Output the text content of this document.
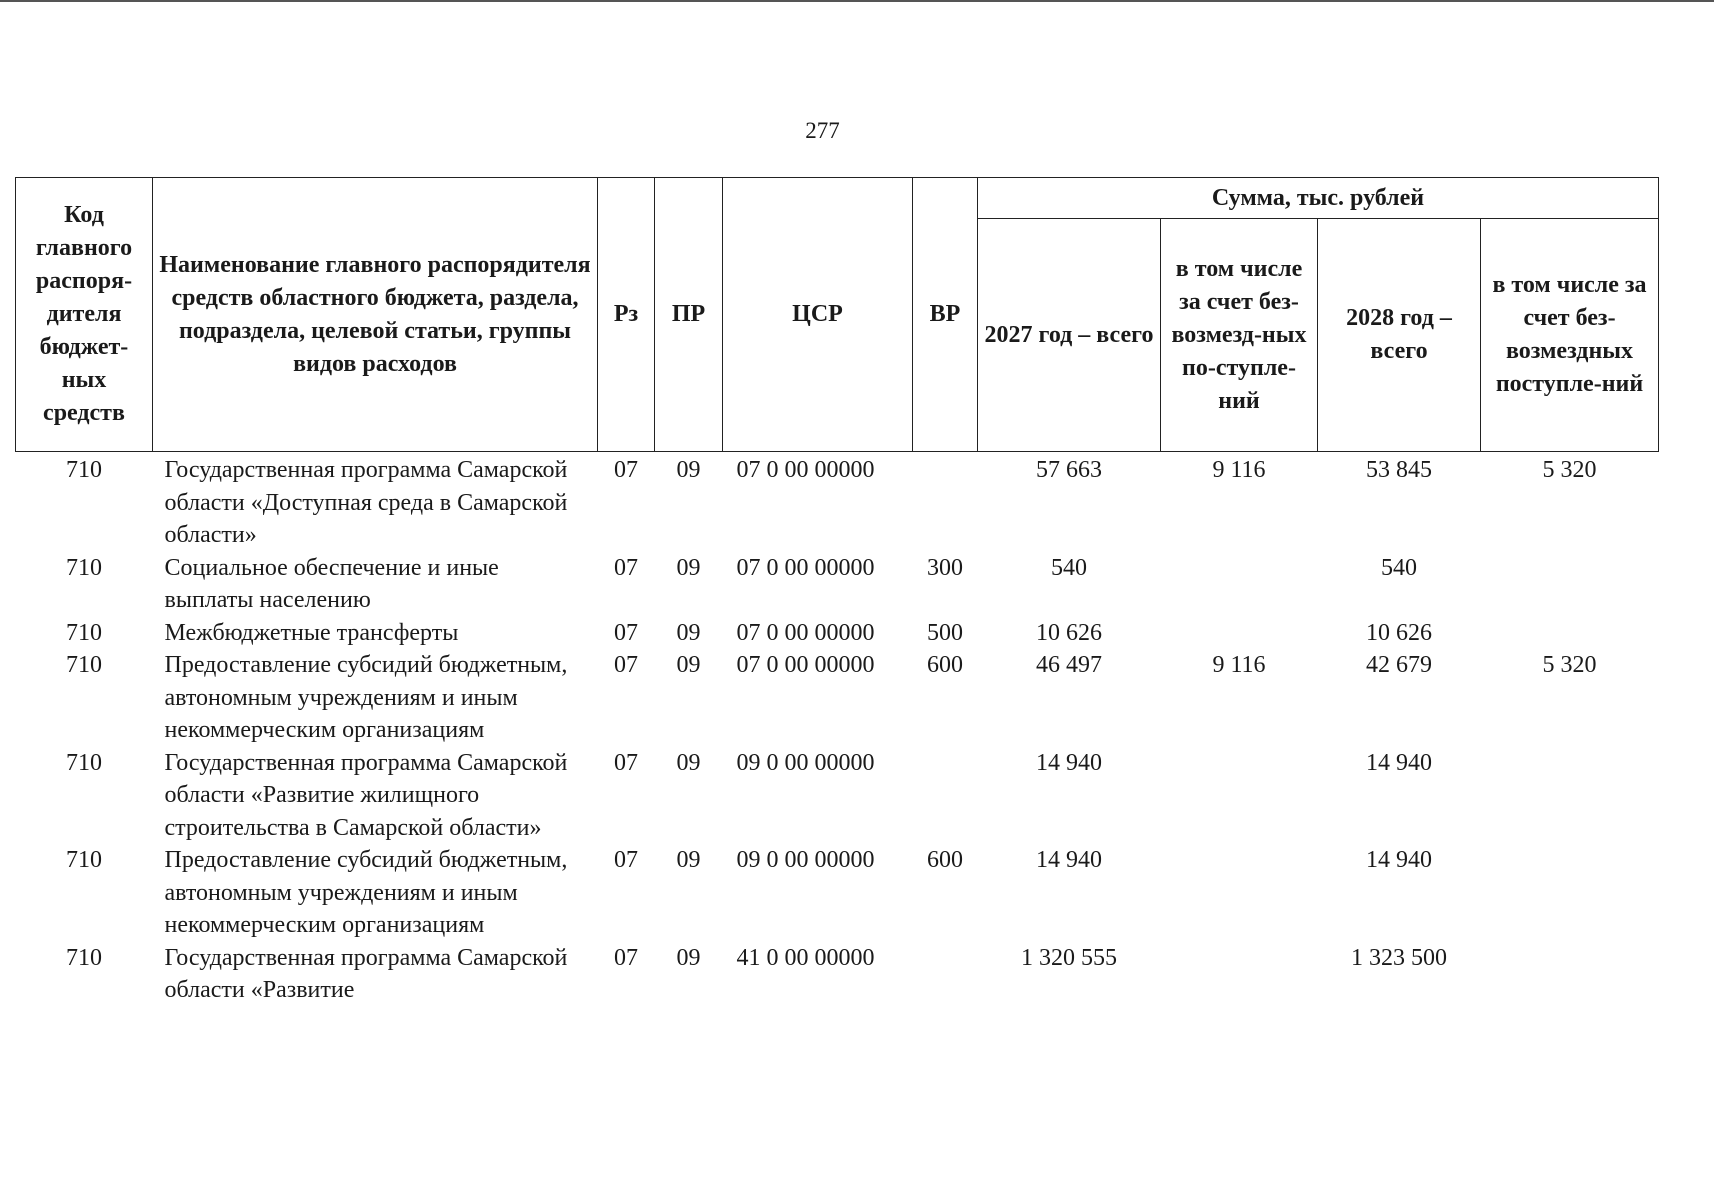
277
Код главного распоря-дителя бюджет-ных средств	Наименование главного распорядителя средств областного бюджета, раздела, подраздела, целевой статьи, группы видов расходов	Рз	ПР	ЦСР	ВР	Сумма, тыс. рублей			
						2027 год – всего	в том числе за счет без-возмезд-ных по-ступле-ний	2028 год – всего	в том числе за счет без-возмездных поступле-ний
710	Государственная программа Самарской области «Доступная среда в Самарской области»	07	09	07 0 00 00000		57 663	9 116	53 845	5 320
710	Социальное обеспечение и иные выплаты населению	07	09	07 0 00 00000	300	540		540	
710	Межбюджетные трансферты	07	09	07 0 00 00000	500	10 626		10 626	
710	Предоставление субсидий бюджетным, автономным учреждениям и иным некоммерческим организациям	07	09	07 0 00 00000	600	46 497	9 116	42 679	5 320
710	Государственная программа Самарской области «Развитие жилищного строительства в Самарской области»	07	09	09 0 00 00000		14 940		14 940	
710	Предоставление субсидий бюджетным, автономным учреждениям и иным некоммерческим организациям	07	09	09 0 00 00000	600	14 940		14 940	
710	Государственная программа Самарской области «Развитие	07	09	41 0 00 00000		1 320 555		1 323 500	
